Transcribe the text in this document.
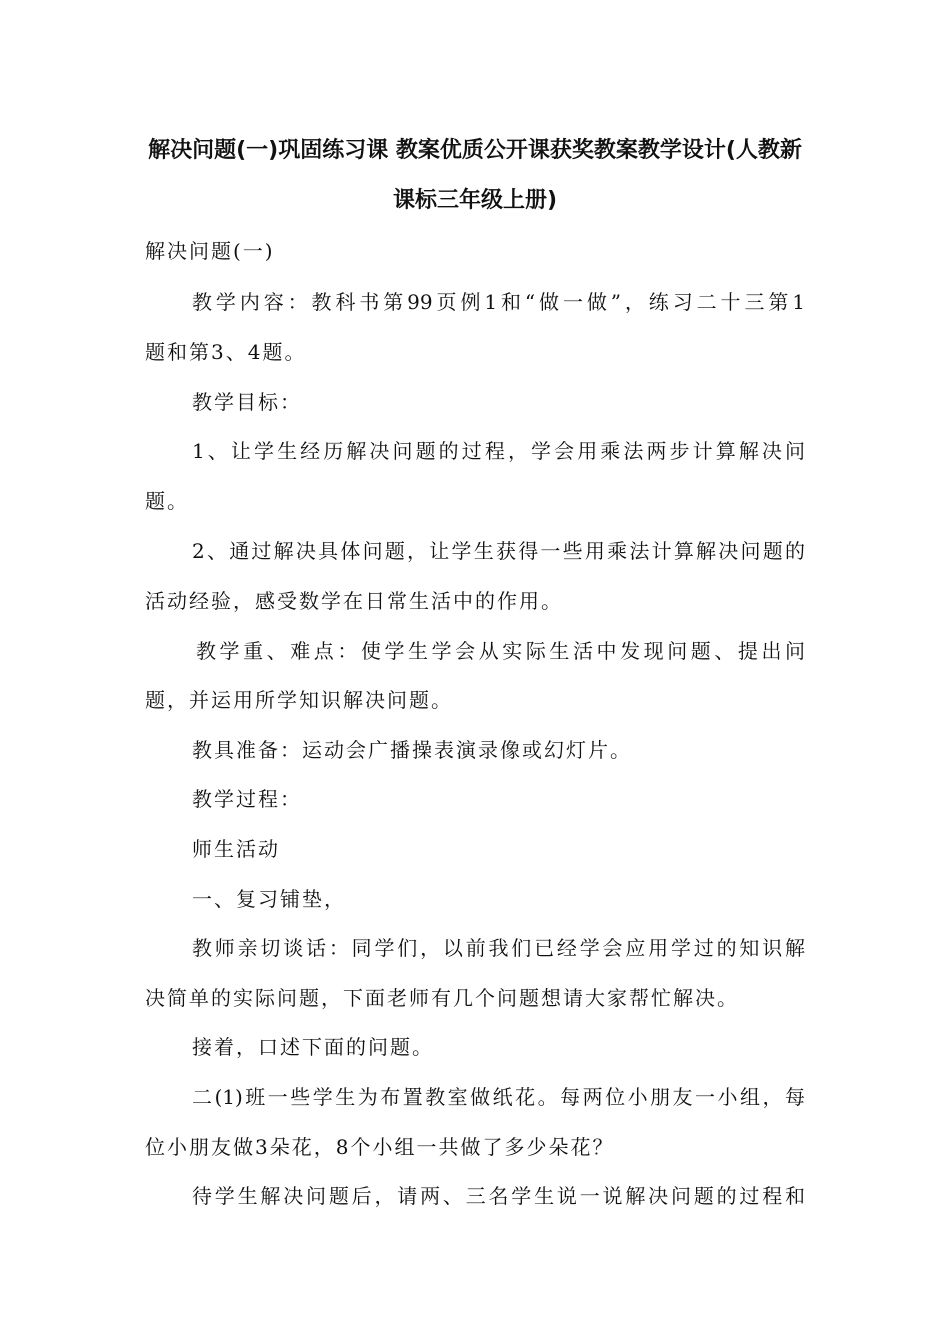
解决问题(一)巩固练习课 教案优质公开课获奖教案教学设计(人教新
课标三年级上册)
解决问题(一)
教学内容：教科书第99页例1和“做一做”，练习二十三第1
题和第3、4题。
教学目标：
1、让学生经历解决问题的过程，学会用乘法两步计算解决问
题。
2、通过解决具体问题，让学生获得一些用乘法计算解决问题的
活动经验，感受数学在日常生活中的作用。
教学重、难点：使学生学会从实际生活中发现问题、提出问
题，并运用所学知识解决问题。
教具准备：运动会广播操表演录像或幻灯片。
教学过程：
师生活动
一、复习铺垫，
教师亲切谈话：同学们，以前我们已经学会应用学过的知识解
决简单的实际问题，下面老师有几个问题想请大家帮忙解决。
接着，口述下面的问题。
二(1)班一些学生为布置教室做纸花。每两位小朋友一小组，每
位小朋友做3朵花，8个小组一共做了多少朵花？
待学生解决问题后，请两、三名学生说一说解决问题的过程和
